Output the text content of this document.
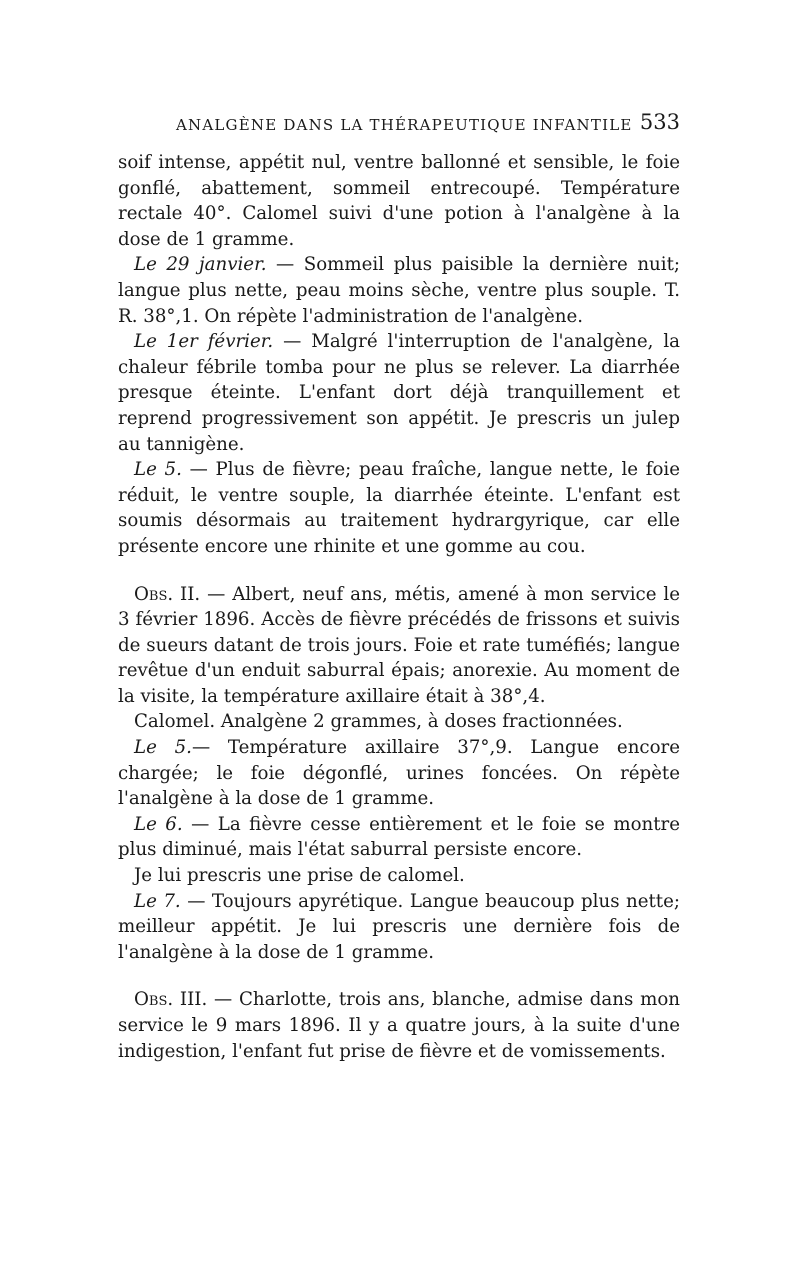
ANALGÈNE DANS LA THÉRAPEUTIQUE INFANTILE 533

soif intense, appétit nul, ventre ballonné et sensible, le foie gonflé, abattement, sommeil entrecoupé. Température rectale 40°. Calomel suivi d'une potion à l'analgène à la dose de 1 gramme.

Le 29 janvier. — Sommeil plus paisible la dernière nuit; langue plus nette, peau moins sèche, ventre plus souple. T. R. 38°,1. On répète l'administration de l'analgène.

Le 1er février. — Malgré l'interruption de l'analgène, la chaleur fébrile tomba pour ne plus se relever. La diarrhée presque éteinte. L'enfant dort déjà tranquillement et reprend progressivement son appétit. Je prescris un julep au tannigène.

Le 5. — Plus de fièvre; peau fraîche, langue nette, le foie réduit, le ventre souple, la diarrhée éteinte. L'enfant est soumis désormais au traitement hydrargyrique, car elle présente encore une rhinite et une gomme au cou.

Obs. II. — Albert, neuf ans, métis, amené à mon service le 3 février 1896. Accès de fièvre précédés de frissons et suivis de sueurs datant de trois jours. Foie et rate tuméfiés; langue revêtue d'un enduit saburral épais; anorexie. Au moment de la visite, la température axillaire était à 38°,4.

Calomel. Analgène 2 grammes, à doses fractionnées.

Le 5.— Température axillaire 37°,9. Langue encore chargée; le foie dégonflé, urines foncées. On répète l'analgène à la dose de 1 gramme.

Le 6. — La fièvre cesse entièrement et le foie se montre plus diminué, mais l'état saburral persiste encore.

Je lui prescris une prise de calomel.

Le 7. — Toujours apyrétique. Langue beaucoup plus nette; meilleur appétit. Je lui prescris une dernière fois de l'analgène à la dose de 1 gramme.

Obs. III. — Charlotte, trois ans, blanche, admise dans mon service le 9 mars 1896. Il y a quatre jours, à la suite d'une indigestion, l'enfant fut prise de fièvre et de vomissements.
